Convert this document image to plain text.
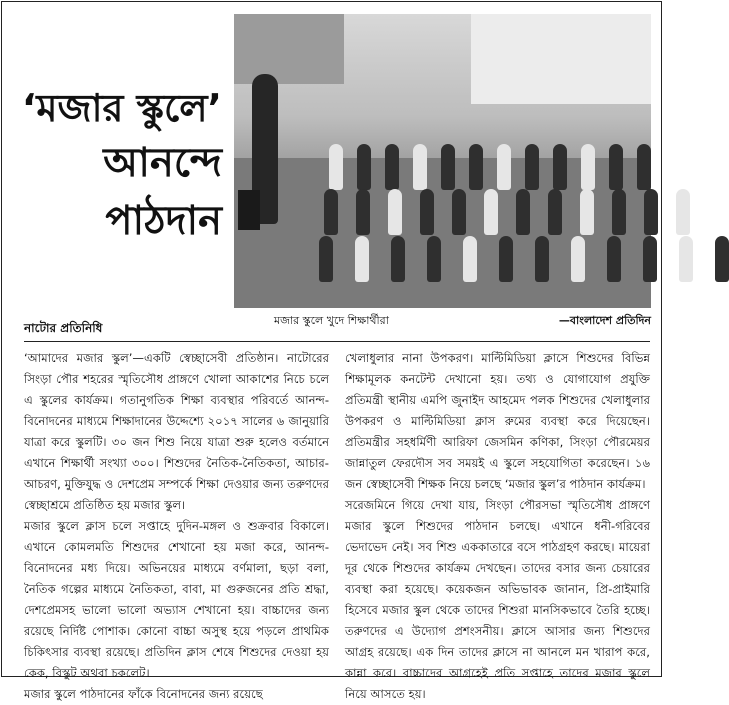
‘মজার স্কুলে’
আনন্দে
পাঠদান
মজার স্কুলে খুদে শিক্ষার্থীরা	—বাংলাদেশ প্রতিদিন
নাটোর প্রতিনিধি

‘আমাদের মজার স্কুল’—একটি স্বেচ্ছাসেবী প্রতিষ্ঠান। নাটোরের সিংড়া পৌর শহরের স্মৃতিসৌধ প্রাঙ্গণে খোলা আকাশের নিচে চলে এ স্কুলের কার্যক্রম। গতানুগতিক শিক্ষা ব্যবস্থার পরিবর্তে আনন্দ-বিনোদনের মাধ্যমে শিক্ষাদানের উদ্দেশ্যে ২০১৭ সালের ৬ জানুয়ারি যাত্রা করে স্কুলটি। ৩০ জন শিশু নিয়ে যাত্রা শুরু হলেও বর্তমানে এখানে শিক্ষার্থী সংখ্যা ৩০০। শিশুদের নৈতিক-নৈতিকতা, আচার-আচরণ, মুক্তিযুদ্ধ ও দেশপ্রেম সম্পর্কে শিক্ষা দেওয়ার জন্য তরুণদের স্বেচ্ছাশ্রমে প্রতিষ্ঠিত হয় মজার স্কুল।

মজার স্কুলে ক্লাস চলে সপ্তাহে দুদিন-মঙ্গল ও শুক্রবার বিকালে। এখানে কোমলমতি শিশুদের শেখানো হয় মজা করে, আনন্দ-বিনোদনের মধ্য দিয়ে। অভিনয়ের মাধ্যমে বর্ণমালা, ছড়া বলা, নৈতিক গল্পের মাধ্যমে নৈতিকতা, বাবা, মা গুরুজনের প্রতি শ্রদ্ধা, দেশপ্রেমসহ ভালো ভালো অভ্যাস শেখানো হয়। বাচ্চাদের জন্য রয়েছে নির্দিষ্ট পোশাক। কোনো বাচ্চা অসুস্থ হয়ে পড়লে প্রাথমিক চিকিৎসার ব্যবস্থা রয়েছে। প্রতিদিন ক্লাস শেষে শিশুদের দেওয়া হয় কেক, বিস্কুট অথবা চকলেট।

মজার স্কুলে পাঠদানের ফাঁকে বিনোদনের জন্য রয়েছে

খেলাধুলার নানা উপকরণ। মাল্টিমিডিয়া ক্লাসে শিশুদের বিভিন্ন শিক্ষামূলক কনটেন্ট দেখানো হয়। তথ্য ও যোগাযোগ প্রযুক্তি প্রতিমন্ত্রী স্থানীয় এমপি জুনাইদ আহমেদ পলক শিশুদের খেলাধুলার উপকরণ ও মাল্টিমিডিয়া ক্লাস রুমের ব্যবস্থা করে দিয়েছেন। প্রতিমন্ত্রীর সহধর্মিণী আরিফা জেসমিন কণিকা, সিংড়া পৌরমেয়র জান্নাতুল ফেরদৌস সব সময়ই এ স্কুলে সহযোগিতা করেছেন। ১৬ জন স্বেচ্ছাসেবী শিক্ষক নিয়ে চলছে ‘মজার স্কুল’র পাঠদান কার্যক্রম।

সরেজমিনে গিয়ে দেখা যায়, সিংড়া পৌরসভা স্মৃতিসৌধ প্রাঙ্গণে মজার স্কুলে শিশুদের পাঠদান চলছে। এখানে ধনী-গরিবের ভেদাভেদ নেই। সব শিশু এককাতারে বসে পাঠগ্রহণ করছে। মায়েরা দূর থেকে শিশুদের কার্যক্রম দেখছেন। তাদের বসার জন্য চেয়ারের ব্যবস্থা করা হয়েছে। কয়েকজন অভিভাবক জানান, প্রি-প্রাইমারি হিসেবে মজার স্কুল থেকে তাদের শিশুরা মানসিকভাবে তৈরি হচ্ছে। তরুণদের এ উদ্যোগ প্রশংসনীয়। ক্লাসে আসার জন্য শিশুদের আগ্রহ রয়েছে। এক দিন তাদের ক্লাসে না আনলে মন খারাপ করে, কান্না করে। বাচ্চাদের আগ্রহেই প্রতি সপ্তাহে তাদের মজার স্কুলে নিয়ে আসতে হয়।
